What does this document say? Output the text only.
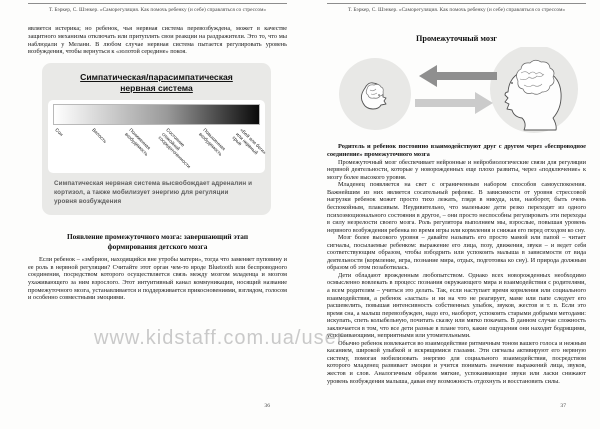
Т. Бэркер, С. Шэнкер. «Саморегуляция. Как помочь ребенку (и себе) справляться со стрессом»
является истерика; но ребенок, чья нервная система перевозбуждена, может в качестве защитного механизма отключать или притуплять свои реакции на раздражители. Это то, что мы наблюдали у Мелани. В любом случае нервная система пытается регулировать уровень возбуждения, чтобы вернуться к «золотой середине» покоя.
Симпатическая/парасимпатическая нервная система
Сон	Вялость	Пониженная возбудимость	Состояние спокойной сосредоточенности	Повышенная возбудимость	«Бей или беги» или нервный срыв
Симпатическая нервная система высвобождает адреналин и кортизол, а также мобилизует энергию для регуляции уровня возбуждения
Появление промежуточного мозга: завершающий этап формирования детского мозга
Если ребенок – «эмбрион, находящийся вне утробы матери», тогда что заменяет пуповину и ее роль в нервной регуляции? Считайте этот орган чем-то вроде Bluetooth или беспроводного соединения, посредством которого осуществляется связь между мозгом младенца и мозгом ухаживающего за ним взрослого. Этот интуитивный канал коммуникации, носящий название промежуточного мозга, устанавливается и поддерживается прикосновениями, взглядом, голосом и особенно совместными эмоциями.
36
Т. Бэркер, С. Шэнкер. «Саморегуляция. Как помочь ребенку (и себе) справляться со стрессом»
Промежуточный мозг
Родитель и ребенок постоянно взаимодействуют друг с другом через «беспроводное соединение» промежуточного мозга
Промежуточный мозг обеспечивает нейронные и нейробиологические связи для регуляции нервной деятельности, которые у новорожденных еще плохо развиты, через «подключение» к мозгу более высокого уровня.
Младенец появляется на свет с ограниченным набором способов самоуспокоения. Важнейшим из них является сосательный рефлекс. В зависимости от уровня стрессовой нагрузки ребенок может просто тихо лежать, глядя в никуда, или, наоборот, быть очень беспокойным, плаксивым. Неудивительно, что маленькие дети резко переходят из одного психоэмоционального состояния в другое, – они просто неспособны регулировать эти переходы в силу незрелости своего мозга. Роль регулятора выполняем мы, взрослые, повышая уровень нервного возбуждения ребенка во время игры или кормления и снижая его перед отходом ко сну.
Мозг более высокого уровня – давайте называть его просто мамой или папой – читает сигналы, посылаемые ребенком: выражение его лица, позу, движения, звуки – и ведет себя соответствующим образом, чтобы взбодрить или успокоить малыша в зависимости от вида деятельности (кормление, игра, познание мира, отдых, подготовка ко сну). И природа должным образом об этом позаботилась.
Дети обладают врожденным любопытством. Однако всех новорожденных необходимо осмысленно вовлекать в процесс познания окружающего мира и взаимодействия с родителями, а всем родителям – учиться это делать. Так, если наступает время кормления или социального взаимодействия, а ребенок «застыл» и ни на что не реагирует, маме или папе следует его расшевелить, повышая интенсивность собственных улыбок, звуков, жестов и т. п. Если это время сна, а малыш перевозбужден, надо его, наоборот, успокоить старыми добрыми методами: искупать, спеть колыбельную, почитать сказку или мягко покачать. В данном случае сложность заключается в том, что все дети разные в плане того, какие ощущения они находят бодрящими, успокаивающими, неприятными или утомительными.
Обычно ребенок вовлекается во взаимодействие ритмичным тоном вашего голоса и нежным касанием, широкой улыбкой и искрящимися глазами. Эти сигналы активируют его нервную систему, помогая мобилизовать энергию для социального взаимодействия, посредством которого младенец развивает эмоции и учится понимать значение выражений лица, звуков, жестов и слов. Аналогичным образом мягкие, успокаивающие звуки или ласки снижают уровень возбуждения малыша, давая ему возможность отдохнуть и восстановить силы.
37
www.kidstaff.com.ua/user
